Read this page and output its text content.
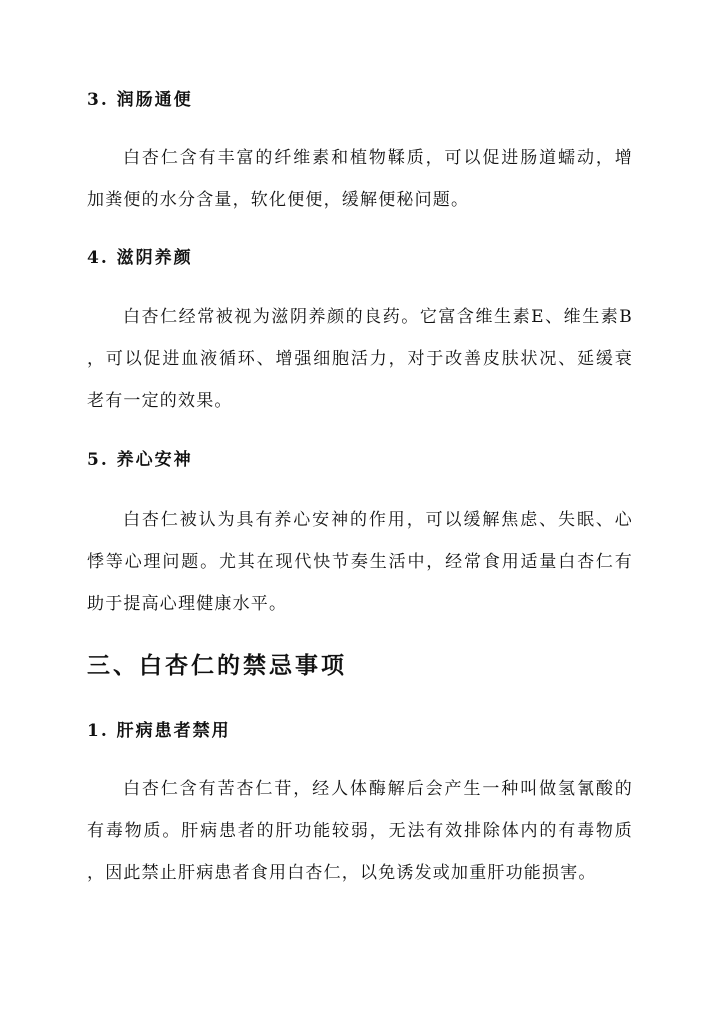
3. 润肠通便
白杏仁含有丰富的纤维素和植物鞣质，可以促进肠道蠕动，增
加粪便的水分含量，软化便便，缓解便秘问题。
4. 滋阴养颜
白杏仁经常被视为滋阴养颜的良药。它富含维生素E、维生素B
，可以促进血液循环、增强细胞活力，对于改善皮肤状况、延缓衰
老有一定的效果。
5. 养心安神
白杏仁被认为具有养心安神的作用，可以缓解焦虑、失眠、心
悸等心理问题。尤其在现代快节奏生活中，经常食用适量白杏仁有
助于提高心理健康水平。
三、白杏仁的禁忌事项
1. 肝病患者禁用
白杏仁含有苦杏仁苷，经人体酶解后会产生一种叫做氢氰酸的
有毒物质。肝病患者的肝功能较弱，无法有效排除体内的有毒物质
，因此禁止肝病患者食用白杏仁，以免诱发或加重肝功能损害。
